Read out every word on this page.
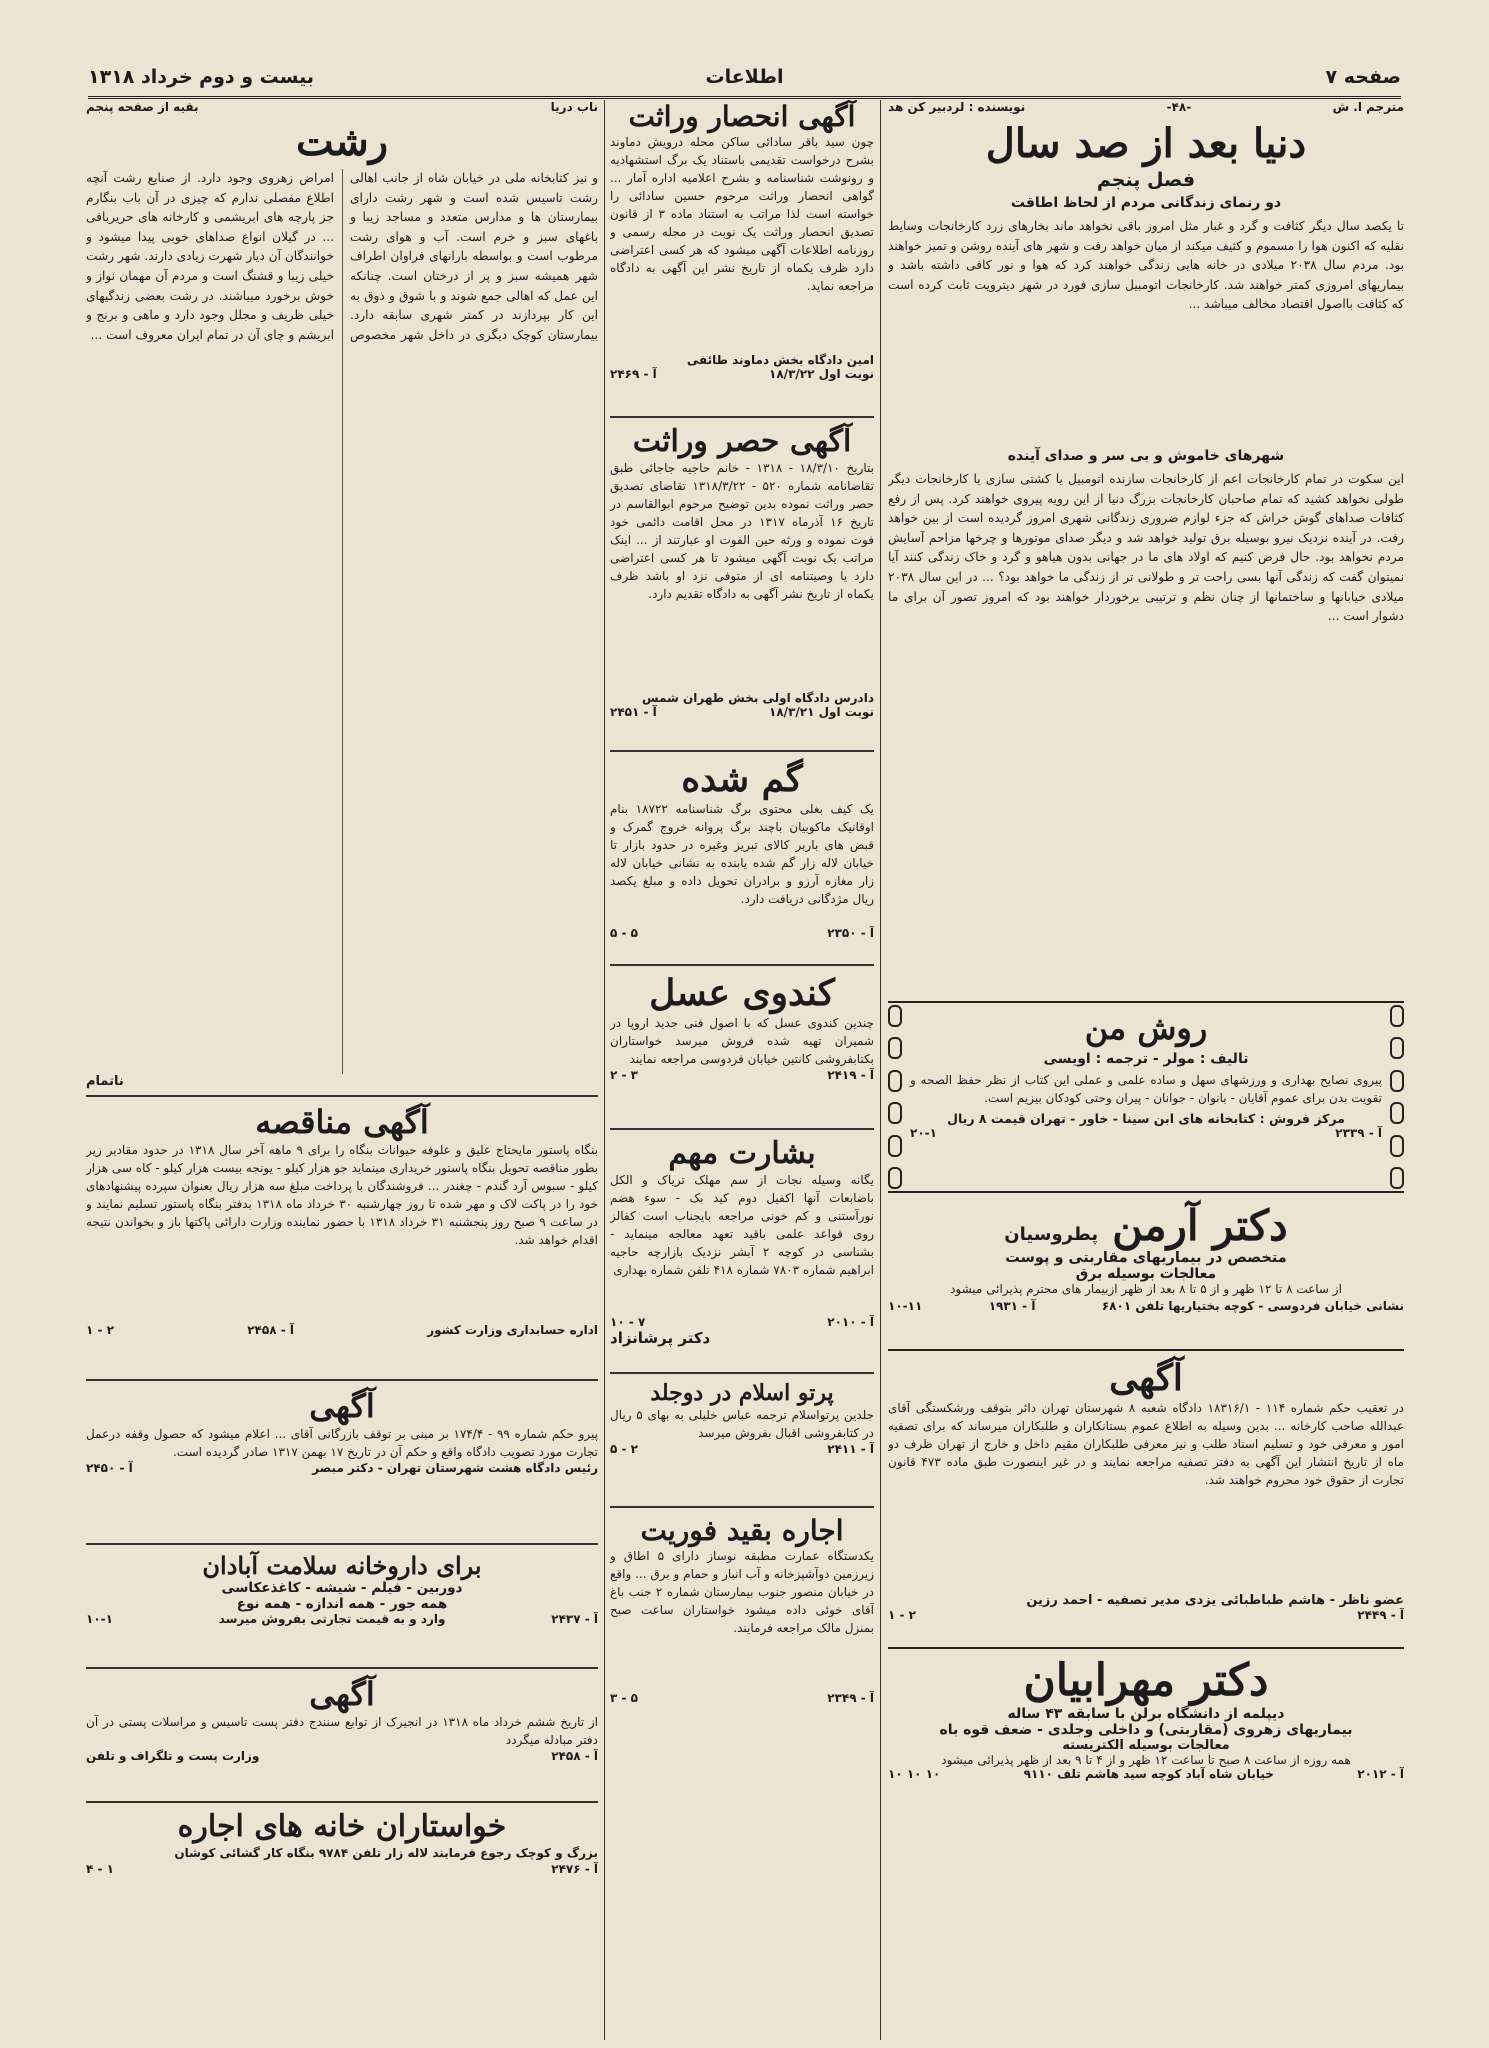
صفحه ۷
اطلاعات
بیست و دوم خرداد ۱۳۱۸
مترجم ا. ش
-۴۸-
نویسنده : لردبیر کن هد
دنیا بعد از صد سال
فصل پنجم
دو رنمای زندگانی مردم از لحاظ اطاقت
تا یکصد سال دیگر کثافت و گرد و غبار مثل امروز باقی نخواهد ماند بخارهای زرد کارخانجات وسایط نقلیه که اکنون هوا را مسموم و کثیف میکند از میان خواهد رفت و شهر های آینده روشن و تمیز خواهند بود. مردم سال ۲۰۳۸ میلادی در خانه هایی زندگی خواهند کرد که هوا و نور کافی داشته باشد و بیماریهای امروزی کمتر خواهند شد. کارخانجات اتومبیل سازی فورد در شهر دیترویت ثابت کرده است که کثافت بااصول اقتصاد مخالف میباشد ...
شهرهای خاموش و بی سر و صدای آینده
این سکوت در تمام کارخانجات اعم از کارخانجات سازنده اتومبیل یا کشتی سازی یا کارخانجات دیگر طولی نخواهد کشید که تمام صاحبان کارخانجات بزرگ دنیا از این رویه پیروی خواهند کرد. پس از رفع کثافات صداهای گوش خراش که جزء لوازم ضروری زندگانی شهری امروز گردیده است از بین خواهد رفت. در آینده نزدیک نیرو بوسیله برق تولید خواهد شد و دیگر صدای موتورها و چرخها مزاحم آسایش مردم نخواهد بود. حال فرض کنیم که اولاد های ما در جهانی بدون هیاهو و گرد و خاک زندگی کنند آیا نمیتوان گفت که زندگی آنها بسی راحت تر و طولانی تر از زندگی ما خواهد بود؟ ... در این سال ۲۰۳۸ میلادی خیابانها و ساختمانها از چنان نظم و ترتیبی برخوردار خواهند بود که امروز تصور آن برای ما دشوار است ...
روش من
تالیف : مولر - ترجمه : اویسی
پیروی نصایح بهداری و ورزشهای سهل و ساده علمی و عملی این کتاب از نظر حفظ الصحه و تقویت بدن برای عموم آقایان - بانوان - جوانان - پیران وحتی کودکان بیزیم است.
مرکز فروش : کتابخانه های ابن سینا - خاور - تهران قیمت ۸ ریال
آ - ۲۳۳۹
۲۰-۱
دکتر آرمن
پطروسیان
متخصص در بیماریهای مقاربتی و پوست
معالجات بوسیله برق
از ساعت ۸ تا ۱۲ ظهر و از ۵ تا ۸ بعد از ظهر ازبیمار های محترم پذیرائی میشود
نشانی خیابان فردوسی - کوچه بختیاریها تلفن ۶۸۰۱
آ - ۱۹۳۱
۱۰-۱۱
آگهی
در تعقیب حکم شماره ۱۱۴ - ۱۸۳۱۶/۱ دادگاه شعبه ۸ شهرستان تهران دائر بتوقف ورشکستگی آقای عبدالله صاحب کارخانه ... بدین وسیله به اطلاع عموم بستانکاران و طلبکاران میرساند که برای تصفیه امور و معرفی خود و تسلیم اسناد طلب و نیز معرفی طلبکاران مقیم داخل و خارج از تهران ظرف دو ماه از تاریخ انتشار این آگهی به دفتر تصفیه مراجعه نمایند و در غیر اینصورت طبق ماده ۴۷۳ قانون تجارت از حقوق خود محروم خواهند شد.
عضو ناظر - هاشم طباطبائی یزدی مدیر تصفیه - احمد رزین
آ - ۲۴۴۹
۲ - ۱
دکتر مهرابیان
دیپلمه از دانشگاه برلن با سابقه ۴۳ ساله
بیماریهای زهروی (مقاربتی) و داخلی وجلدی - ضعف قوه باه
معالجات بوسیله الکتریسته
همه روزه از ساعت ۸ صبح تا ساعت ۱۲ ظهر و از ۴ تا ۹ بعد از ظهر پذیرائی میشود
آ - ۲۰۱۲
خیابان شاه آباد کوچه سید هاشم تلف ۹۱۱۰
۱۰ ۱۰ ۱۰
آگهی انحصار وراثت
چون سید باقر سادائی ساکن محله درویش دماوند بشرح درخواست تقدیمی باستناد یک برگ استشهادیه و رونوشت شناسنامه و بشرح اعلامیه اداره آمار ... گواهی انحصار وراثت مرحوم حسین سادائی را خواسته است لذا مراتب به استناد ماده ۳ از قانون تصدیق انحصار وراثت یک نوبت در مجله رسمی و روزنامه اطلاعات آگهی میشود که هر کسی اعتراضی دارد ظرف یکماه از تاریخ نشر این آگهی به دادگاه مراجعه نماید.
امین دادگاه بخش دماوند طائفی
نوبت اول ۱۸/۳/۲۲
آ - ۲۴۶۹
آگهی حصر وراثت
بتاریخ ۱۸/۳/۱۰ - ۱۳۱۸ - خانم حاجیه جاجائی طبق تقاضانامه شماره ۵۲۰ - ۱۳۱۸/۳/۲۲ تقاضای تصدیق حصر وراثت نموده بدین توضیح مرحوم ابوالقاسم در تاریخ ۱۶ آذرماه ۱۳۱۷ در محل اقامت دائمی خود فوت نموده و ورثه حین الفوت او عبارتند از ... اینک مراتب یک نوبت آگهی میشود تا هر کسی اعتراضی دارد یا وصیتنامه ای از متوفی نزد او باشد ظرف یکماه از تاریخ نشر آگهی به دادگاه تقدیم دارد.
دادرس دادگاه اولی بخش طهران شمس
نوبت اول ۱۸/۳/۲۱
آ - ۲۴۵۱
گم شده
یک کیف بغلی محتوی برگ شناسنامه ۱۸۷۲۲ بنام اوقانیک ماکوبیان باچند برگ پروانه خروج گمرک و قبض های باربر کالای تبریز وغیره در حدود بازار تا خیابان لاله زار گم شده یابنده به نشانی خیابان لاله زار مغازه آرزو و برادران تحویل داده و مبلغ یکصد ریال مژدگانی دریافت دارد.
آ - ۲۳۵۰
۵ - ۵
کندوی عسل
چندین کندوی عسل که با اصول فنی جدید اروپا در شمیران تهیه شده فروش میرسد خواستاران بکتابفروشی کانتین خیابان فردوسی مراجعه نمایند
آ - ۲۴۱۹
۳ - ۲
بشارت مهم
یگانه وسیله نجات از سم مهلک تریاک و الکل باضابعات آنها اکفیل دوم کید بک - سوء هضم نورآستنی و کم خونی مراجعه بایجناب است کفالز روی قواعد علمی باقید تعهد معالجه مینماید - بشناسی در کوچه ۲ آبشر نزدیک بازارچه حاجیه ابراهیم شماره ۷۸۰۳ شماره ۴۱۸ تلفن شماره بهداری
آ - ۲۰۱۰
۷ - ۱۰
دکتر پرشانزاد
پرتو اسلام در دوجلد
جلدین پرتواسلام ترجمه عباس خلیلی به بهای ۵ ریال در کتابفروشی اقبال بفروش میرسد
آ - ۲۴۱۱
۲ - ۵
اجاره بقید فوریت
یکدستگاه عمارت مطبقه نوساز دارای ۵ اطاق و زیرزمین دوآشپزخانه و آب انبار و حمام و برق ... واقع در خیابان منصور جنوب بیمارستان شماره ۲ جنب باغ آقای خوئی داده میشود خواستاران ساعت صبح بمنزل مالک مراجعه فرمایند.
آ - ۲۳۴۹
۵ - ۳
ناب دریا
بقیه از صفحه پنجم
رشت
و نیز کتابخانه ملی در خیابان شاه از جانب اهالی رشت تاسیس شده است و شهر رشت دارای بیمارستان ها و مدارس متعدد و مساجد زیبا و باغهای سبز و خرم است. آب و هوای رشت مرطوب است و بواسطه بارانهای فراوان اطراف شهر همیشه سبز و پر از درختان است. چنانکه این عمل که اهالی جمع شوند و با شوق و ذوق به این کار بپردازند در کمتر شهری سابقه دارد. بیمارستان کوچک دیگری در داخل شهر مخصوص امراض زهروی وجود دارد. از صنایع رشت آنچه اطلاع مفصلی ندارم که چیزی در آن باب بنگارم جز پارچه های ابریشمی و کارخانه های حریربافی ... در گیلان انواع صداهای خوبی پیدا میشود و خوانندگان آن دیار شهرت زیادی دارند. شهر رشت خیلی زیبا و قشنگ است و مردم آن مهمان نواز و خوش برخورد میباشند. در رشت بعضی زندگیهای خیلی ظریف و مجلل وجود دارد و ماهی و برنج و ابریشم و چای آن در تمام ایران معروف است ...
ناتمام
آگهی مناقصه
بنگاه پاستور مایحتاج علیق و علوفه حیوانات بنگاه را برای ۹ ماهه آخر سال ۱۳۱۸ در حدود مقادیر زیر بطور مناقصه تحویل بنگاه پاستور خریداری مینماید جو هزار کیلو - یونجه بیست هزار کیلو - کاه سی هزار کیلو - سبوس آرد گندم - چغندر ... فروشندگان با پرداخت مبلغ سه هزار ریال بعنوان سپرده پیشنهادهای خود را در پاکت لاک و مهر شده تا روز چهارشنبه ۳۰ خرداد ماه ۱۳۱۸ بدفتر بنگاه پاستور تسلیم نمایند و در ساعت ۹ صبح روز پنجشنبه ۳۱ خرداد ۱۳۱۸ با حضور نماینده وزارت دارائی پاکتها باز و بخواندن نتیجه اقدام خواهد شد.
اداره حسابداری وزارت کشور
آ - ۲۴۵۸
۲ - ۱
آگهی
پیرو حکم شماره ۹۹ - ۱۷۴/۴ بر مبنی بر توقف بازرگانی آقای ... اعلام میشود که حصول وقفه درعمل تجارت مورد تصویب دادگاه واقع و حکم آن در تاریخ ۱۷ بهمن ۱۳۱۷ صادر گردیده است.
رئیس دادگاه هشت شهرستان تهران - دکتر مبصر
آ - ۲۴۵۰
برای داروخانه سلامت آبادان
دوربین - فیلم - شیشه - کاغذعکاسی
همه جور - همه اندازه - همه نوع
آ - ۲۴۳۷
وارد و به قیمت تجارتی بفروش میرسد
۱۰-۱
آگهی
از تاریخ ششم خرداد ماه ۱۳۱۸ در انجیرک از توابع سنندج دفتر پست تاسیس و مراسلات پستی در آن دفتر مبادله میگردد
آ - ۲۴۵۸
وزارت پست و تلگراف و تلفن
خواستاران خانه های اجاره
بزرگ و کوچک رجوع فرمایند لاله زار تلفن ۹۷۸۴ بنگاه کار گشائی کوشان
آ - ۲۴۷۶
۱ - ۴
